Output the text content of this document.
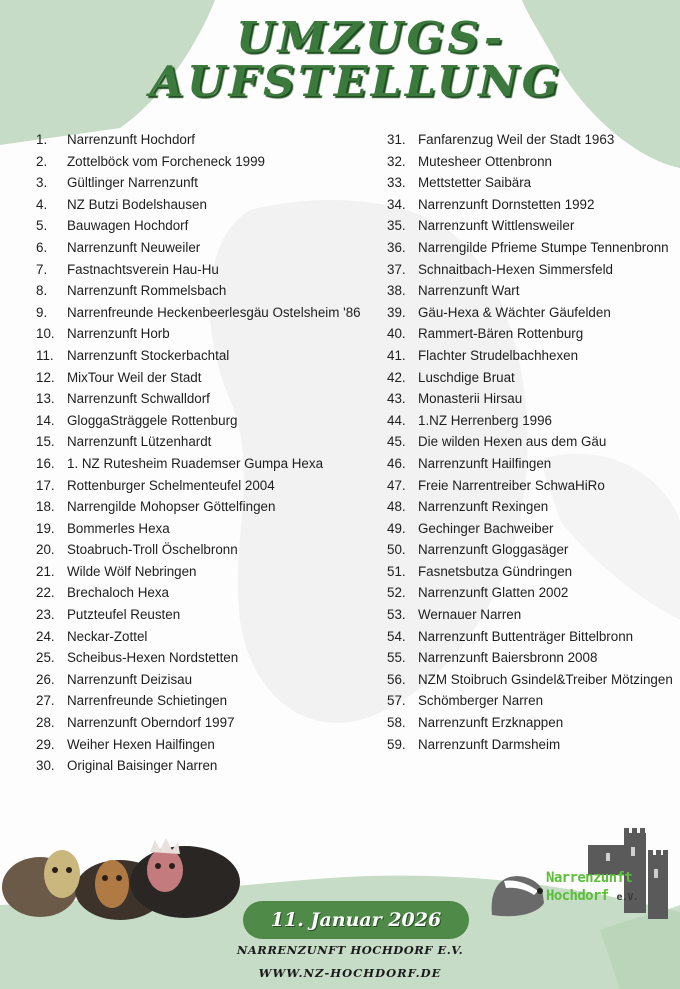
UMZUGS-
AUFSTELLUNG
1.	Narrenzunft Hochdorf
2.	Zottelböck vom Forcheneck 1999
3.	Gültlinger Narrenzunft
4.	NZ Butzi Bodelshausen
5.	Bauwagen Hochdorf
6.	Narrenzunft Neuweiler
7.	Fastnachtsverein Hau-Hu
8.	Narrenzunft Rommelsbach
9.	Narrenfreunde Heckenbeerlesgäu Ostelsheim '86
10. Narrenzunft Horb
11. Narrenzunft Stockerbachtal
12. MixTour Weil der Stadt
13. Narrenzunft Schwalldorf
14. GloggaSträggele Rottenburg
15. Narrenzunft Lützenhardt
16. 1. NZ Rutesheim Ruademser Gumpa Hexa
17. Rottenburger Schelmenteufel 2004
18. Narrengilde Mohopser Göttelfingen
19. Bommerles Hexa
20. Stoabruch-Troll Öschelbronn
21. Wilde Wölf Nebringen
22. Brechaloch Hexa
23. Putzteufel Reusten
24. Neckar-Zottel
25. Scheibus-Hexen Nordstetten
26. Narrenzunft Deizisau
27. Narrenfreunde Schietingen
28. Narrenzunft Oberndorf 1997
29. Weiher Hexen Hailfingen
30. Original Baisinger Narren
31. Fanfarenzug Weil der Stadt 1963
32. Mutesheer Ottenbronn
33. Mettstetter Saibära
34. Narrenzunft Dornstetten 1992
35. Narrenzunft Wittlensweiler
36. Narrengilde Pfrieme Stumpe Tennenbronn
37. Schnaitbach-Hexen Simmersfeld
38. Narrenzunft Wart
39. Gäu-Hexa & Wächter Gäufelden
40. Rammert-Bären Rottenburg
41. Flachter Strudelbachhexen
42. Luschdige Bruat
43. Monasterii Hirsau
44. 1.NZ Herrenberg 1996
45. Die wilden Hexen aus dem Gäu
46. Narrenzunft Hailfingen
47. Freie Narrentreiber SchwaHiRo
48. Narrenzunft Rexingen
49. Gechinger Bachweiber
50. Narrenzunft Gloggasäger
51. Fasnetsbutza Gündringen
52. Narrenzunft Glatten 2002
53. Wernauer Narren
54. Narrenzunft Buttenträger Bittelbronn
55. Narrenzunft Baiersbronn 2008
56. NZM Stoibruch Gsindel&Treiber Mötzingen
57. Schömberger Narren
58. Narrenzunft Erzknappen
59. Narrenzunft Darmsheim
11. Januar 2026
NARRENZUNFT HOCHDORF E.V.
WWW.NZ-HOCHDORF.DE
Narrenzunft
Hochdorf e.V.
